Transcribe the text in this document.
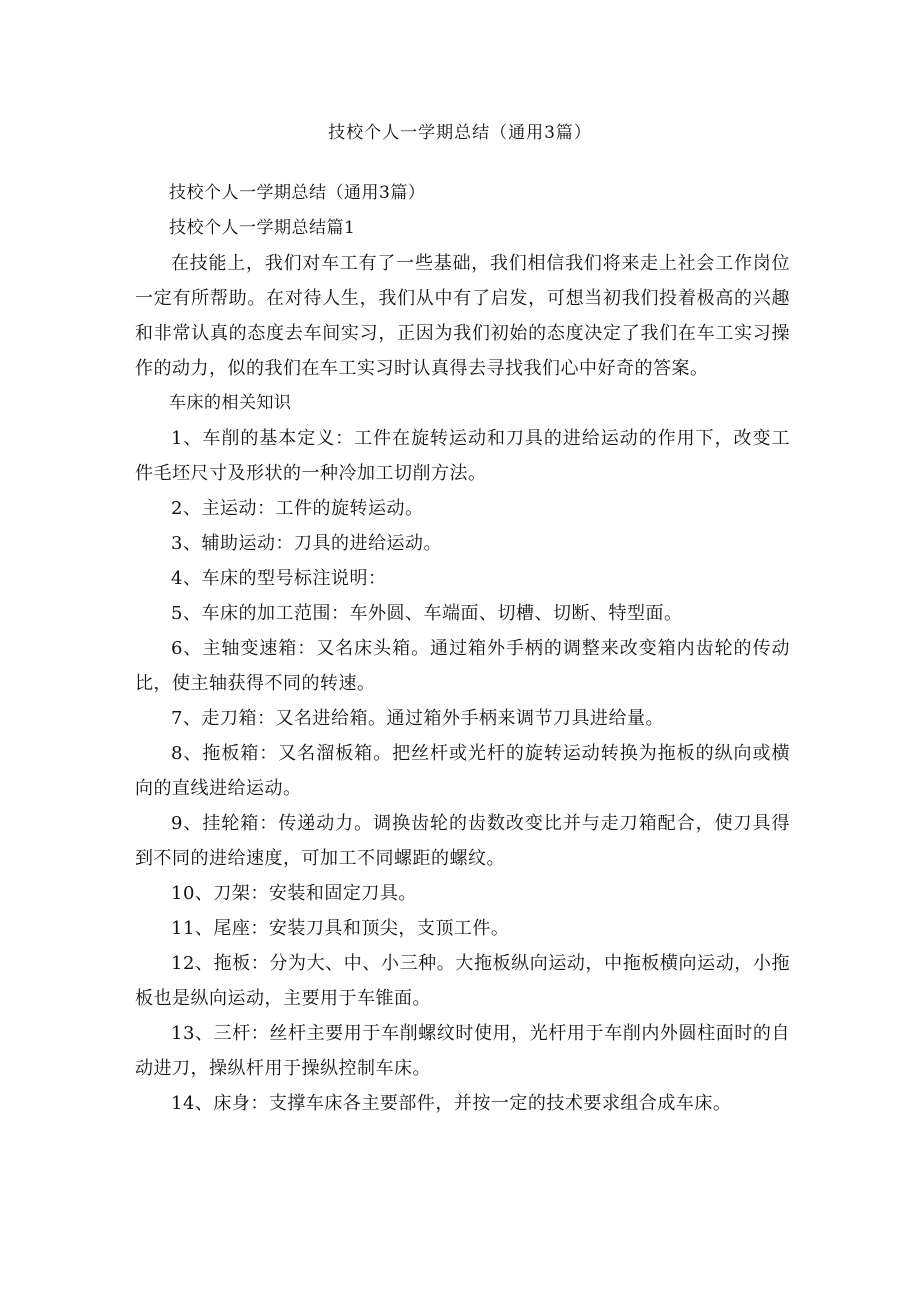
技校个人一学期总结（通用3篇）

技校个人一学期总结（通用3篇）

技校个人一学期总结篇1

在技能上，我们对车工有了一些基础，我们相信我们将来走上社会工作岗位一定有所帮助。在对待人生，我们从中有了启发，可想当初我们投着极高的兴趣和非常认真的态度去车间实习，正因为我们初始的态度决定了我们在车工实习操作的动力，似的我们在车工实习时认真得去寻找我们心中好奇的答案。

车床的相关知识

1、车削的基本定义：工件在旋转运动和刀具的进给运动的作用下，改变工件毛坯尺寸及形状的一种冷加工切削方法。

2、主运动：工件的旋转运动。

3、辅助运动：刀具的进给运动。

4、车床的型号标注说明：

5、车床的加工范围：车外圆、车端面、切槽、切断、特型面。

6、主轴变速箱：又名床头箱。通过箱外手柄的调整来改变箱内齿轮的传动比，使主轴获得不同的转速。

7、走刀箱：又名进给箱。通过箱外手柄来调节刀具进给量。

8、拖板箱：又名溜板箱。把丝杆或光杆的旋转运动转换为拖板的纵向或横向的直线进给运动。

9、挂轮箱：传递动力。调换齿轮的齿数改变比并与走刀箱配合，使刀具得到不同的进给速度，可加工不同螺距的螺纹。

10、刀架：安装和固定刀具。

11、尾座：安装刀具和顶尖，支顶工件。

12、拖板：分为大、中、小三种。大拖板纵向运动，中拖板横向运动，小拖板也是纵向运动，主要用于车锥面。

13、三杆：丝杆主要用于车削螺纹时使用，光杆用于车削内外圆柱面时的自动进刀，操纵杆用于操纵控制车床。

14、床身：支撑车床各主要部件，并按一定的技术要求组合成车床。
